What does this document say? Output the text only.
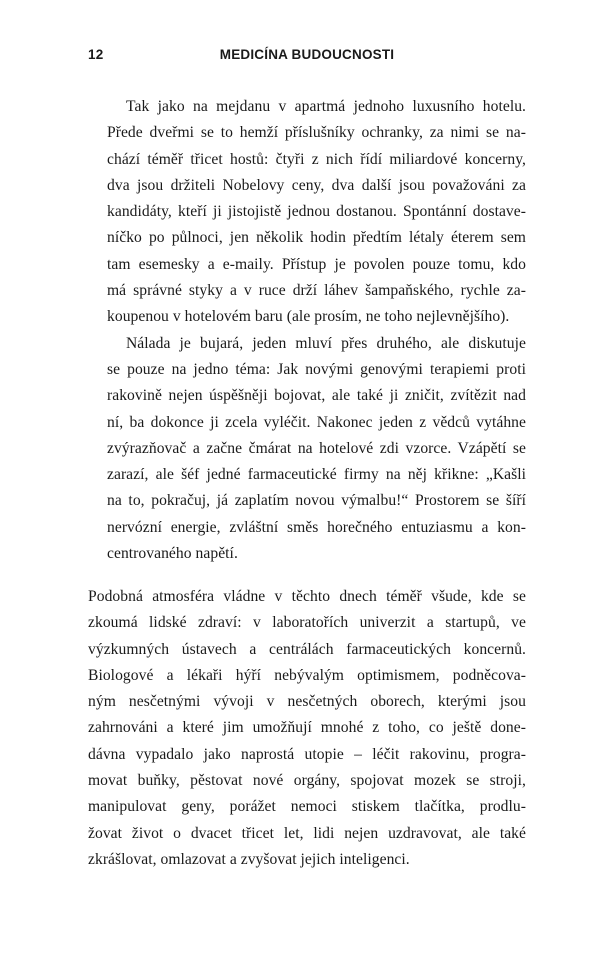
12	MEDICÍNA BUDOUCNOSTI

Tak jako na mejdanu v apartmá jednoho luxusního hotelu.
Přede dveřmi se to hemží příslušníky ochranky, za nimi se na-
chází téměř třicet hostů: čtyři z nich řídí miliardové koncerny,
dva jsou držiteli Nobelovy ceny, dva další jsou považováni za
kandidáty, kteří ji jistojistě jednou dostanou. Spontánní dostave-
níčko po půlnoci, jen několik hodin předtím létaly éterem sem
tam esemesky a e-maily. Přístup je povolen pouze tomu, kdo
má správné styky a v ruce drží láhev šampaňského, rychle za-
koupenou v hotelovém baru (ale prosím, ne toho nejlevnějšího).

Nálada je bujará, jeden mluví přes druhého, ale diskutuje
se pouze na jedno téma: Jak novými genovými terapiemi proti
rakovině nejen úspěšněji bojovat, ale také ji zničit, zvítězit nad
ní, ba dokonce ji zcela vyléčit. Nakonec jeden z vědců vytáhne
zvýrazňovač a začne čmárat na hotelové zdi vzorce. Vzápětí se
zarazí, ale šéf jedné farmaceutické firmy na něj křikne: „Kašli
na to, pokračuj, já zaplatím novou výmalbu!“ Prostorem se šíří
nervózní energie, zvláštní směs horečného entuziasmu a kon-
centrovaného napětí.

Podobná atmosféra vládne v těchto dnech téměř všude, kde se
zkoumá lidské zdraví: v laboratořích univerzit a startupů, ve
výzkumných ústavech a centrálách farmaceutických koncernů.
Biologové a lékaři hýří nebývalým optimismem, podněcova-
ným nesčetnými vývoji v nesčetných oborech, kterými jsou
zahrnováni a které jim umožňují mnohé z toho, co ještě done-
dávna vypadalo jako naprostá utopie – léčit rakovinu, progra-
movat buňky, pěstovat nové orgány, spojovat mozek se stroji,
manipulovat geny, porážet nemoci stiskem tlačítka, prodlu-
žovat život o dvacet třicet let, lidi nejen uzdravovat, ale také
zkrášlovat, omlazovat a zvyšovat jejich inteligenci.
